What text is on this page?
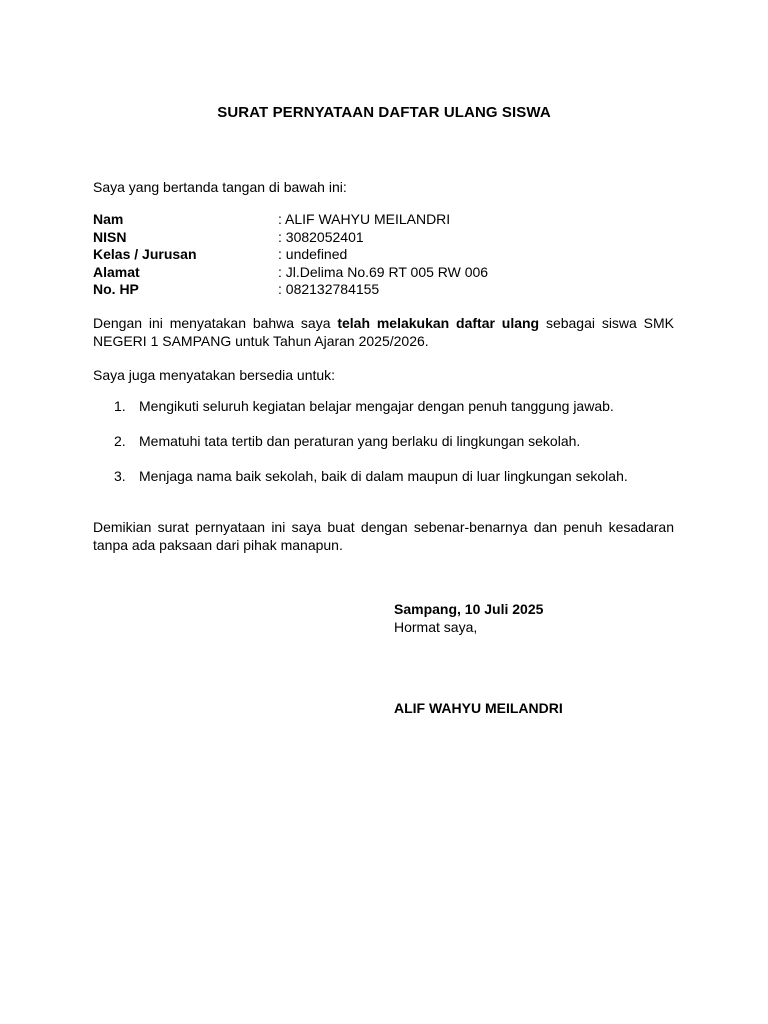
SURAT PERNYATAAN DAFTAR ULANG SISWA
Saya yang bertanda tangan di bawah ini:
Nam	: ALIF WAHYU MEILANDRI
NISN	: 3082052401
Kelas / Jurusan	: undefined
Alamat	: Jl.Delima No.69 RT 005 RW 006
No. HP	: 082132784155
Dengan ini menyatakan bahwa saya telah melakukan daftar ulang sebagai siswa SMK NEGERI 1 SAMPANG untuk Tahun Ajaran 2025/2026.
Saya juga menyatakan bersedia untuk:
1. Mengikuti seluruh kegiatan belajar mengajar dengan penuh tanggung jawab.
2. Mematuhi tata tertib dan peraturan yang berlaku di lingkungan sekolah.
3. Menjaga nama baik sekolah, baik di dalam maupun di luar lingkungan sekolah.
Demikian surat pernyataan ini saya buat dengan sebenar-benarnya dan penuh kesadaran tanpa ada paksaan dari pihak manapun.
Sampang, 10 Juli 2025
Hormat saya,
ALIF WAHYU MEILANDRI
